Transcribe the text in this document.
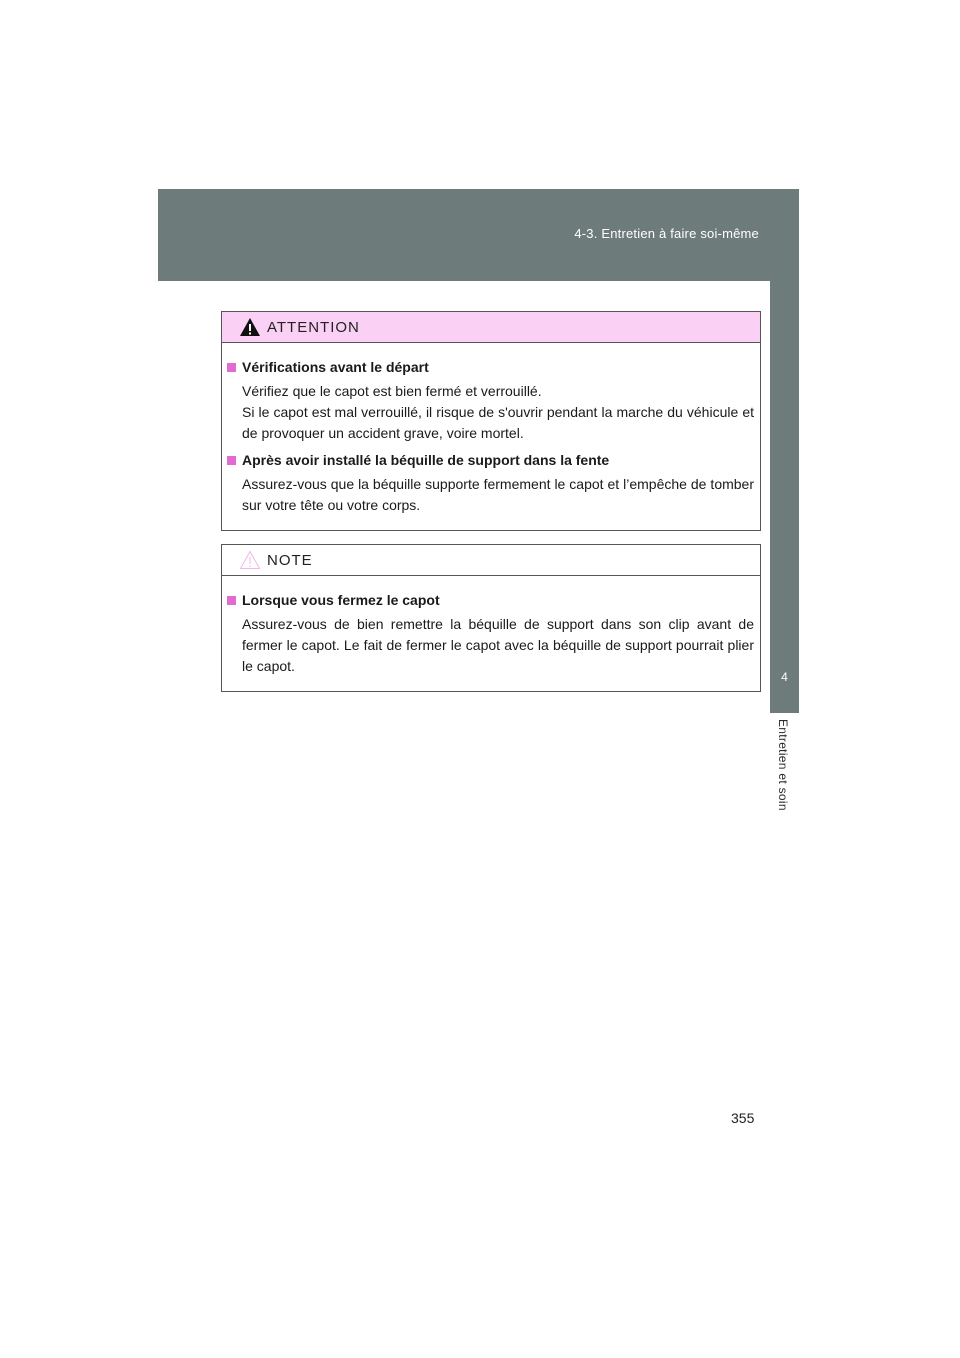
4-3. Entretien à faire soi-même
4
Entretien et soin
ATTENTION
Vérifications avant le départ
Vérifiez que le capot est bien fermé et verrouillé.
Si le capot est mal verrouillé, il risque de s'ouvrir pendant la marche du véhicule et de provoquer un accident grave, voire mortel.
Après avoir installé la béquille de support dans la fente
Assurez-vous que la béquille supporte fermement le capot et l’empêche de tomber sur votre tête ou votre corps.
NOTE
Lorsque vous fermez le capot
Assurez-vous de bien remettre la béquille de support dans son clip avant de fermer le capot. Le fait de fermer le capot avec la béquille de support pourrait plier le capot.
355
